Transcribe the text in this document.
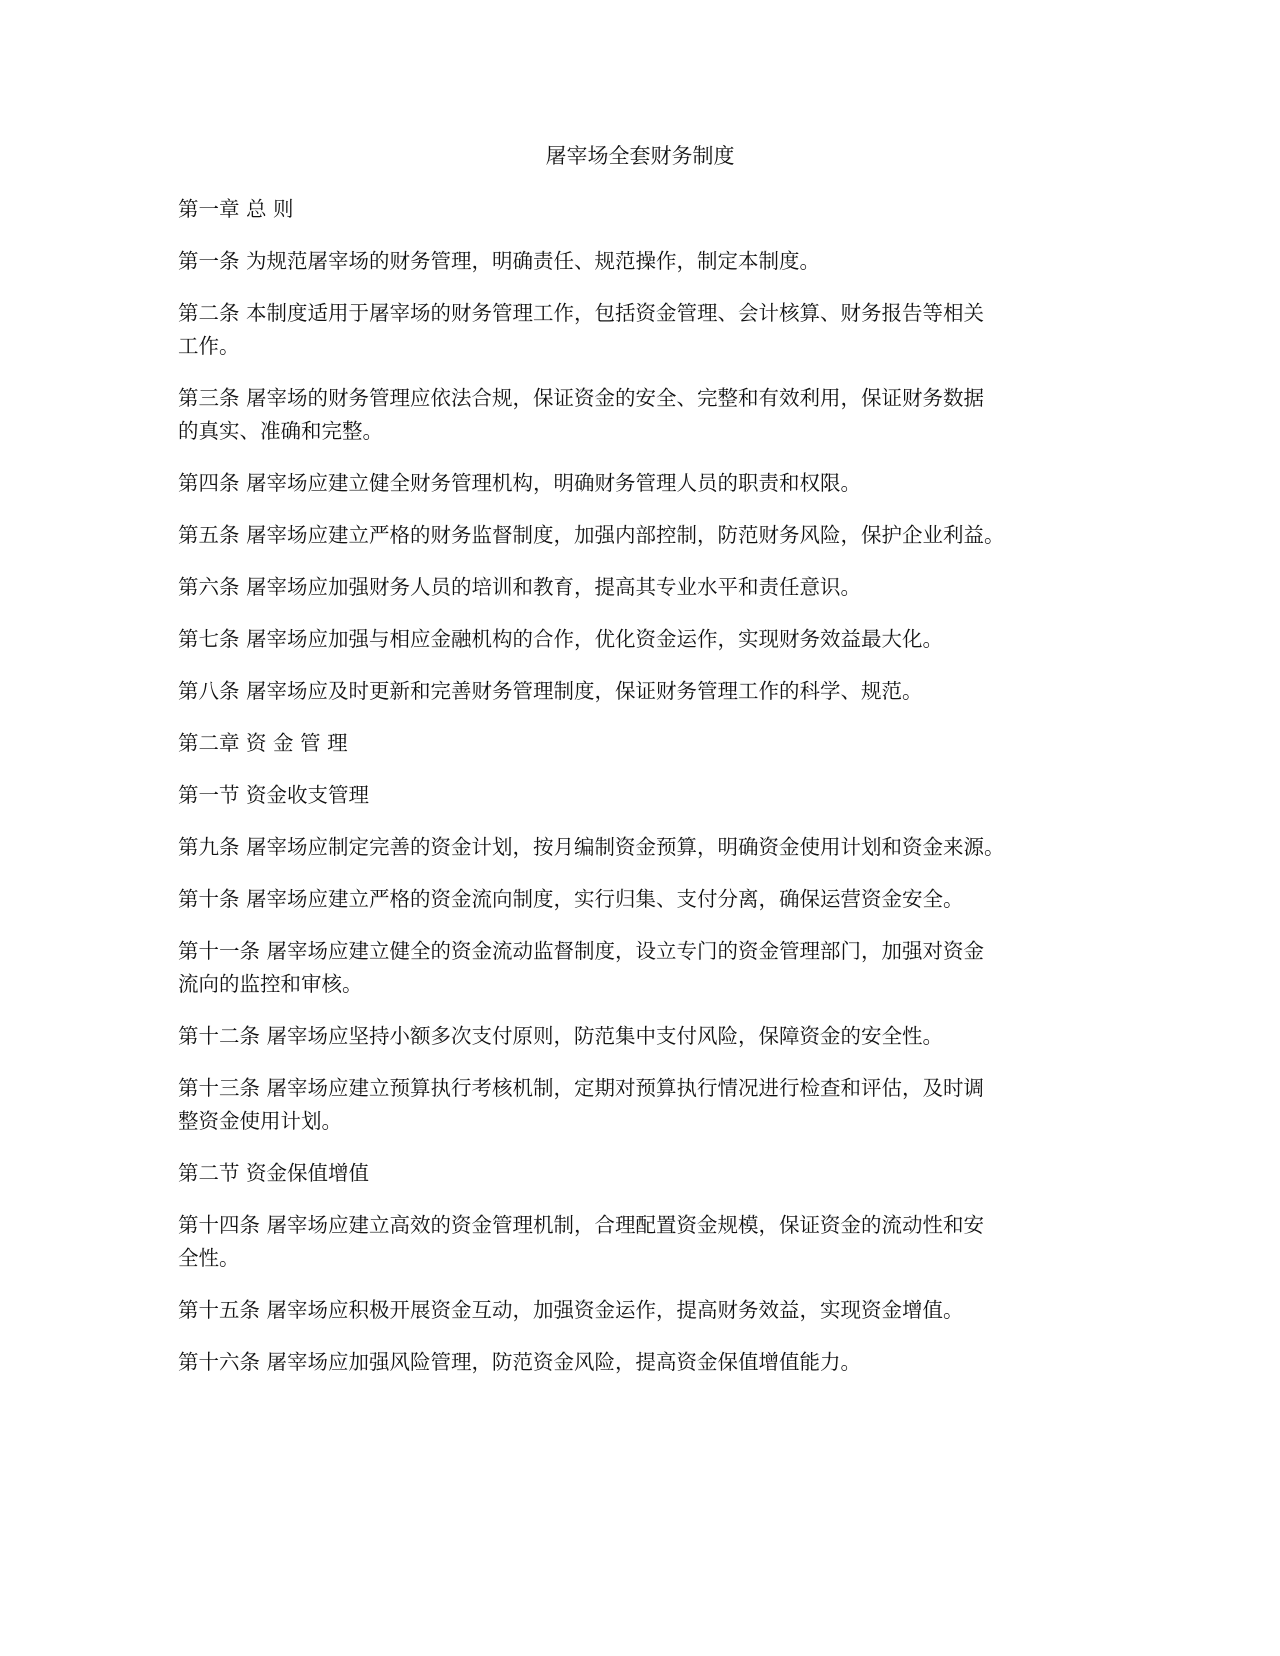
屠宰场全套财务制度

第一章 总 则

第一条 为规范屠宰场的财务管理，明确责任、规范操作，制定本制度。

第二条 本制度适用于屠宰场的财务管理工作，包括资金管理、会计核算、财务报告等相关
工作。

第三条 屠宰场的财务管理应依法合规，保证资金的安全、完整和有效利用，保证财务数据
的真实、准确和完整。

第四条 屠宰场应建立健全财务管理机构，明确财务管理人员的职责和权限。

第五条 屠宰场应建立严格的财务监督制度，加强内部控制，防范财务风险，保护企业利益。

第六条 屠宰场应加强财务人员的培训和教育，提高其专业水平和责任意识。

第七条 屠宰场应加强与相应金融机构的合作，优化资金运作，实现财务效益最大化。

第八条 屠宰场应及时更新和完善财务管理制度，保证财务管理工作的科学、规范。

第二章 资 金 管 理

第一节 资金收支管理

第九条 屠宰场应制定完善的资金计划，按月编制资金预算，明确资金使用计划和资金来源。

第十条 屠宰场应建立严格的资金流向制度，实行归集、支付分离，确保运营资金安全。

第十一条 屠宰场应建立健全的资金流动监督制度，设立专门的资金管理部门，加强对资金
流向的监控和审核。

第十二条 屠宰场应坚持小额多次支付原则，防范集中支付风险，保障资金的安全性。

第十三条 屠宰场应建立预算执行考核机制，定期对预算执行情况进行检查和评估，及时调
整资金使用计划。

第二节 资金保值增值

第十四条 屠宰场应建立高效的资金管理机制，合理配置资金规模，保证资金的流动性和安
全性。

第十五条 屠宰场应积极开展资金互动，加强资金运作，提高财务效益，实现资金增值。

第十六条 屠宰场应加强风险管理，防范资金风险，提高资金保值增值能力。
